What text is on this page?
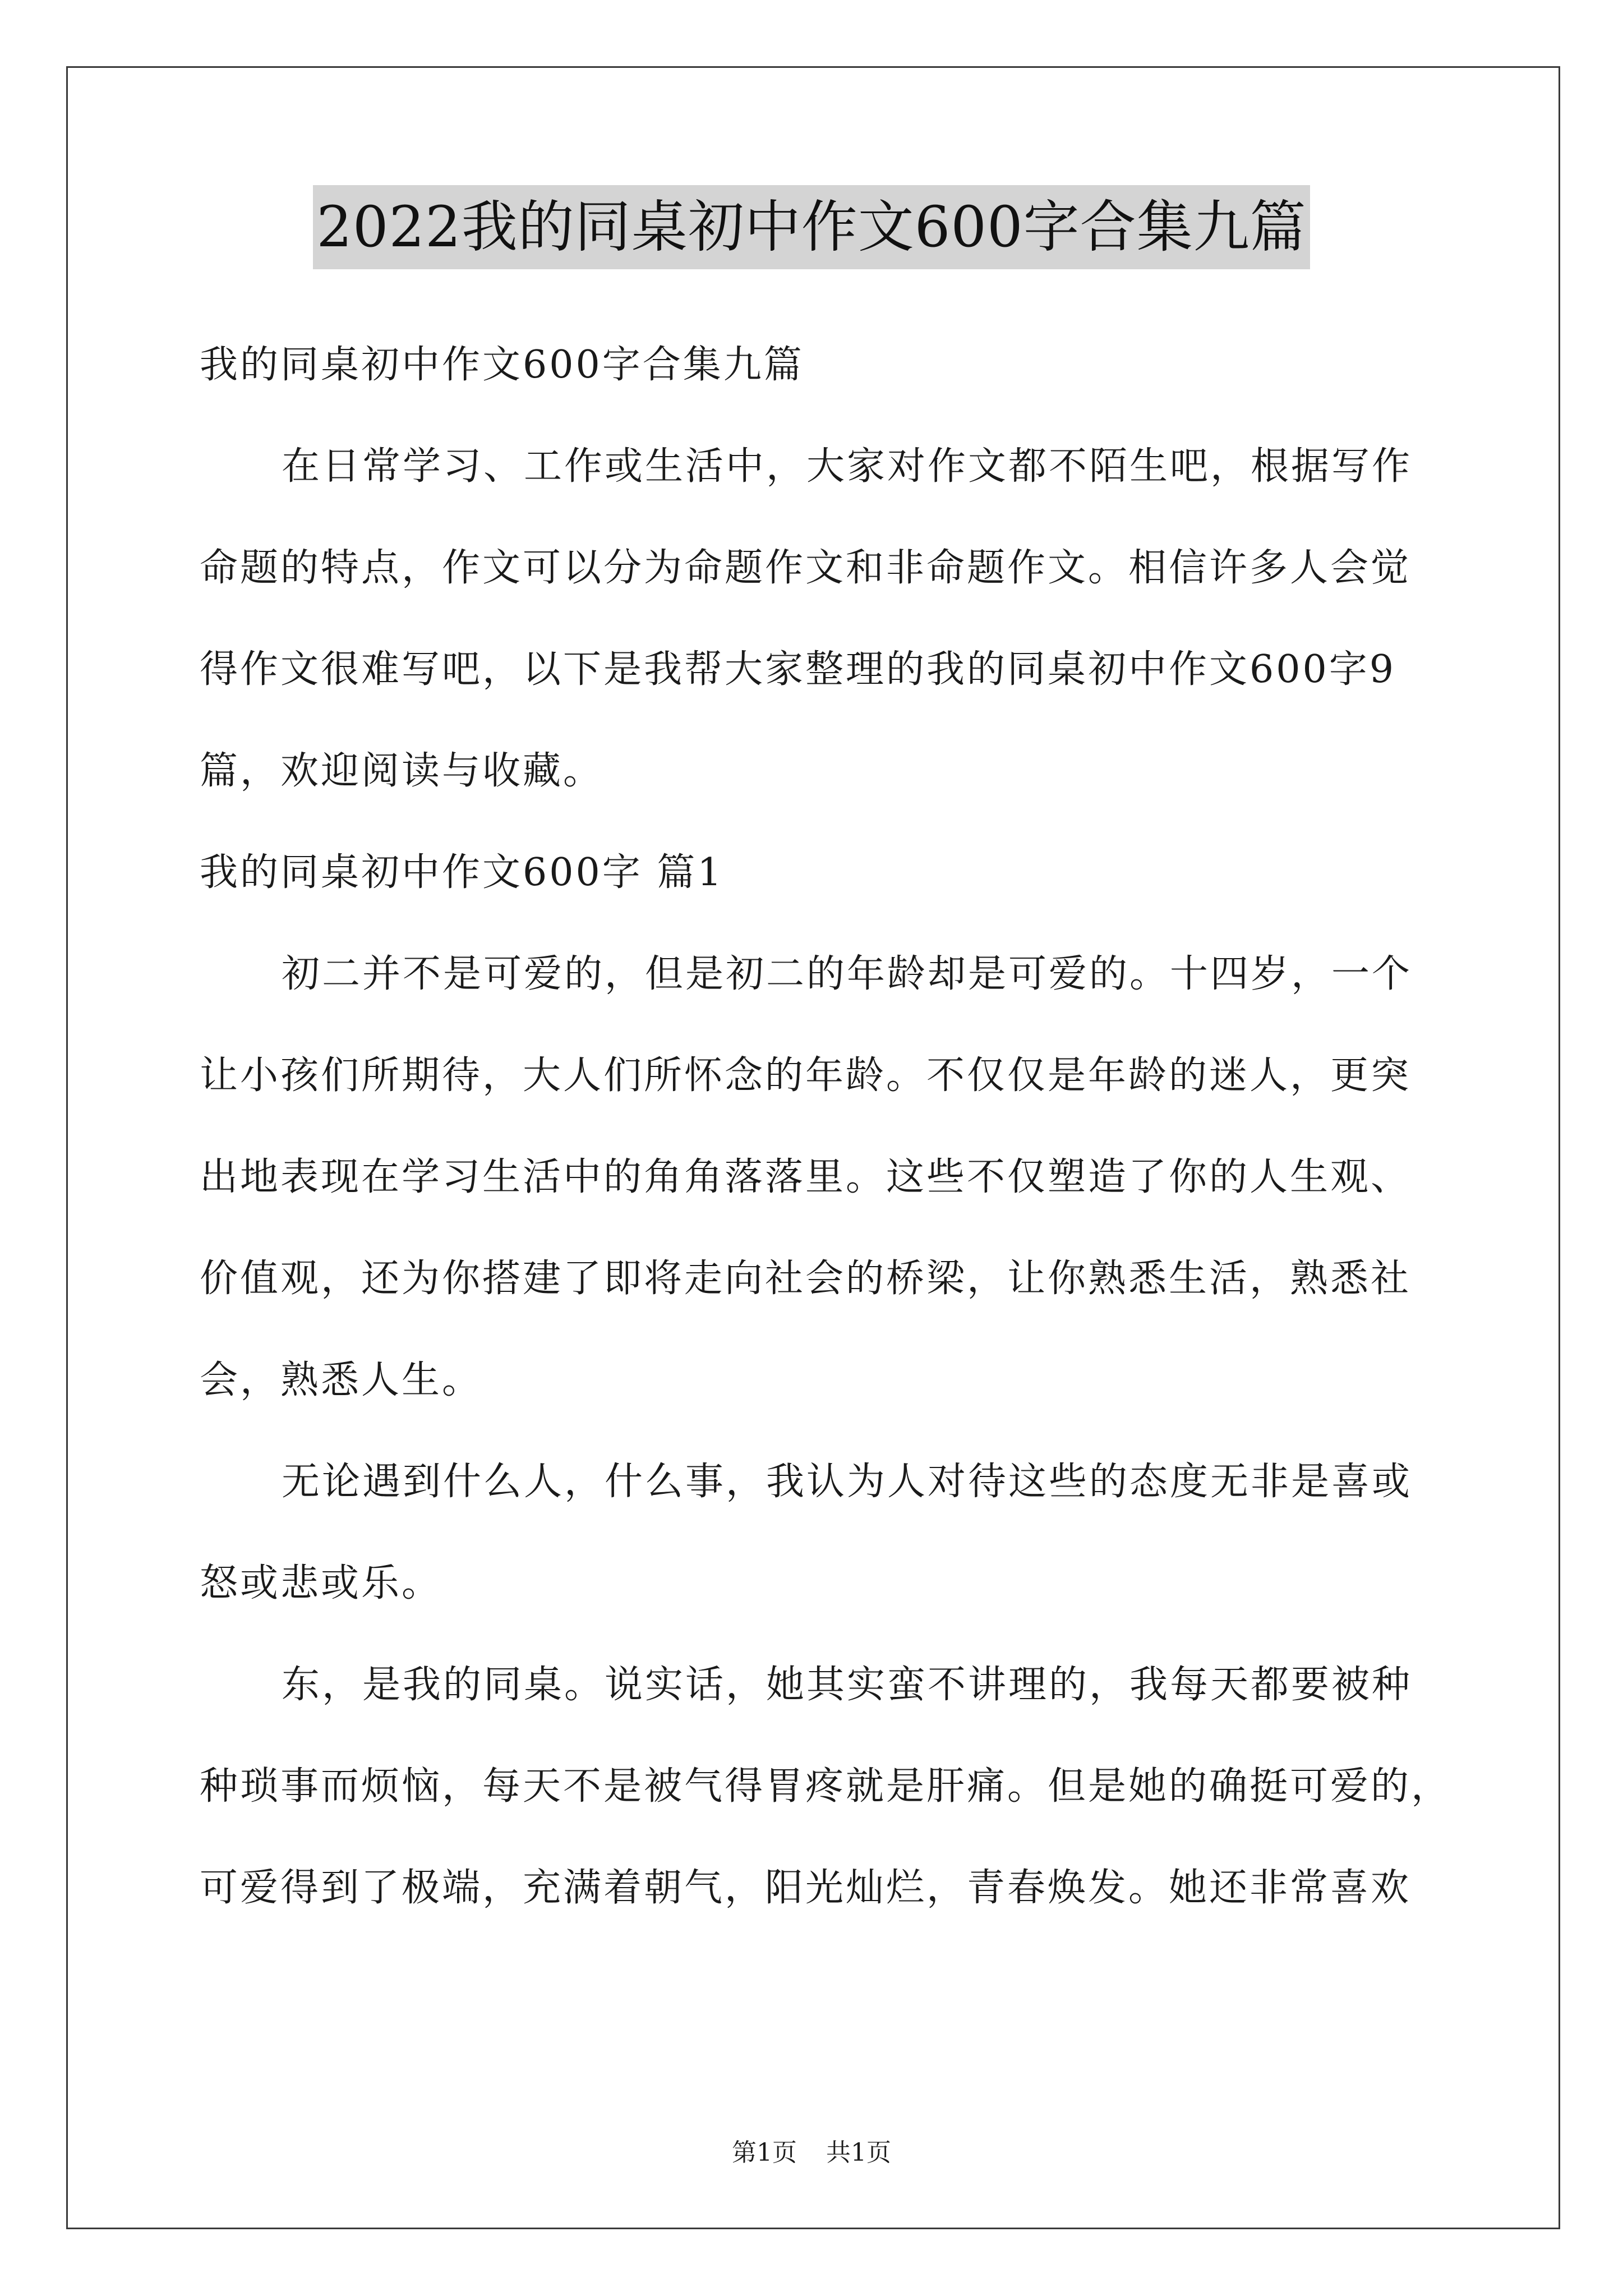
2022我的同桌初中作文600字合集九篇
我的同桌初中作文600字合集九篇
在日常学习、工作或生活中，大家对作文都不陌生吧，根据写作
命题的特点，作文可以分为命题作文和非命题作文。相信许多人会觉
得作文很难写吧，以下是我帮大家整理的我的同桌初中作文600字9
篇，欢迎阅读与收藏。
我的同桌初中作文600字 篇1
初二并不是可爱的，但是初二的年龄却是可爱的。十四岁，一个
让小孩们所期待，大人们所怀念的年龄。不仅仅是年龄的迷人，更突
出地表现在学习生活中的角角落落里。这些不仅塑造了你的人生观、
价值观，还为你搭建了即将走向社会的桥梁，让你熟悉生活，熟悉社
会，熟悉人生。
无论遇到什么人，什么事，我认为人对待这些的态度无非是喜或
怒或悲或乐。
东，是我的同桌。说实话，她其实蛮不讲理的，我每天都要被种
种琐事而烦恼，每天不是被气得胃疼就是肝痛。但是她的确挺可爱的，
可爱得到了极端，充满着朝气，阳光灿烂，青春焕发。她还非常喜欢
第1页 共1页
